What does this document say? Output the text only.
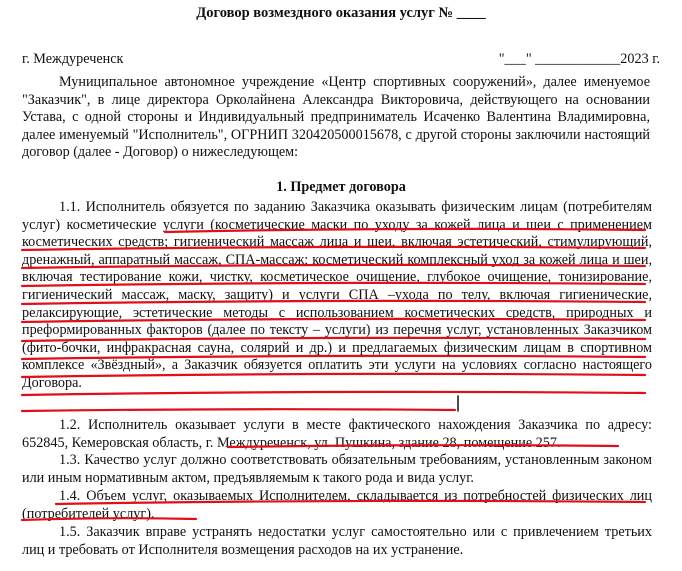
Договор возмездного оказания услуг № ____
г. Междуреченск	"___" ____________2023 г.
Муниципальное автономное учреждение «Центр спортивных сооружений», далее именуемое "Заказчик", в лице директора Орколайнена Александра Викторовича, действующего на основании Устава, с одной стороны и Индивидуальный предприниматель Исаченко Валентина Владимировна, далее именуемый "Исполнитель", ОГРНИП 320420500015678, с другой стороны заключили настоящий договор (далее - Договор) о нижеследующем:
1. Предмет договора
1.1. Исполнитель обязуется по заданию Заказчика оказывать физическим лицам (потребителям услуг) косметические услуги (косметические маски по уходу за кожей лица и шеи с применением косметических средств; гигиенический массаж лица и шеи, включая эстетический, стимулирующий, дренажный, аппаратный массаж, СПА-массаж; косметический комплексный уход за кожей лица и шеи, включая тестирование кожи, чистку, косметическое очищение, глубокое очищение, тонизирование, гигиенический массаж, маску, защиту) и услуги СПА –ухода по телу, включая гигиенические, релаксирующие, эстетические методы с использованием косметических средств, природных и преформированных факторов (далее по тексту – услуги) из перечня услуг, установленных Заказчиком (фито-бочки, инфракрасная сауна, солярий и др.) и предлагаемых физическим лицам в спортивном комплексе «Звёздный», а Заказчик обязуется оплатить эти услуги на условиях согласно настоящего Договора.
1.2. Исполнитель оказывает услуги в месте фактического нахождения Заказчика по адресу: 652845, Кемеровская область, г. Междуреченск, ул. Пушкина, здание 28, помещение 257.
1.3. Качество услуг должно соответствовать обязательным требованиям, установленным законом или иным нормативным актом, предъявляемым к такого рода и вида услуг.
1.4. Объем услуг, оказываемых Исполнителем, складывается из потребностей физических лиц (потребителей услуг).
1.5. Заказчик вправе устранять недостатки услуг самостоятельно или с привлечением третьих лиц и требовать от Исполнителя возмещения расходов на их устранение.
